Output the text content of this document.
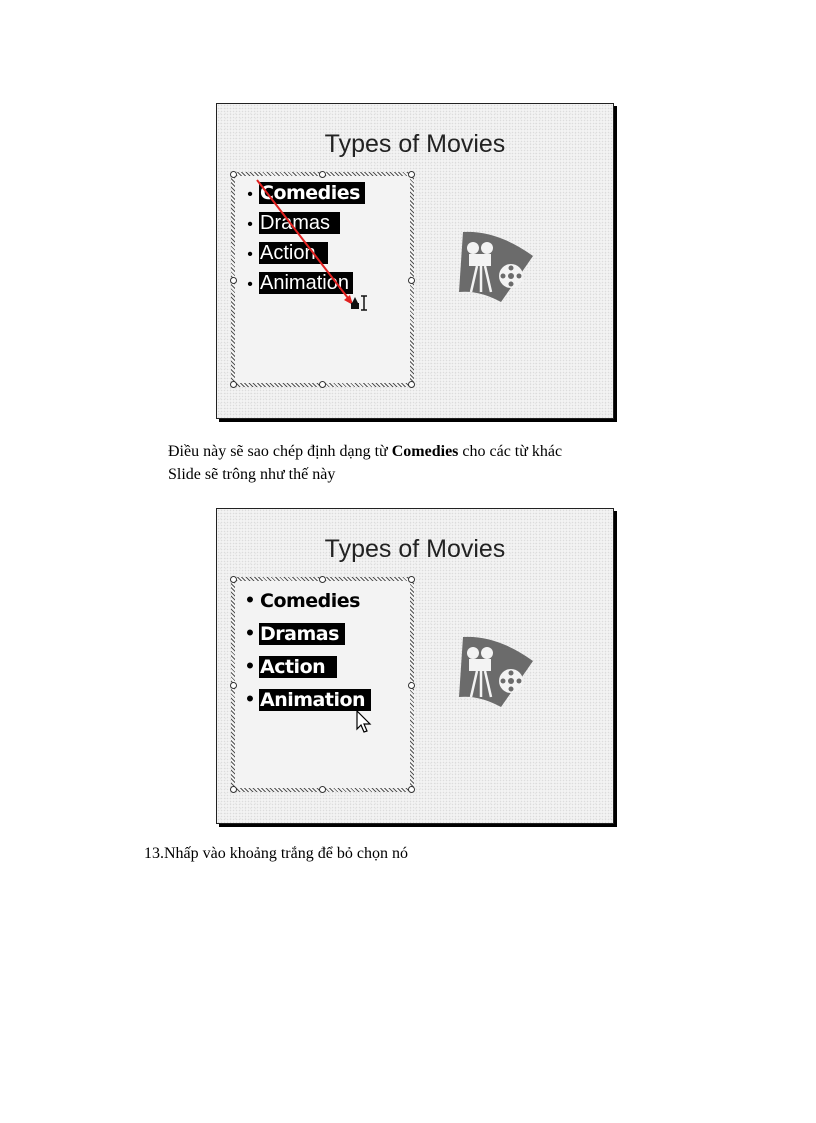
Types of Movies
• Comedies
• Dramas
• Action
• Animation
Điều này sẽ sao chép định dạng từ Comedies cho các từ khác
Slide sẽ trông như thế này
Types of Movies
• Comedies
• Dramas
• Action
• Animation
13.Nhấp vào khoảng trắng để bỏ chọn nó
